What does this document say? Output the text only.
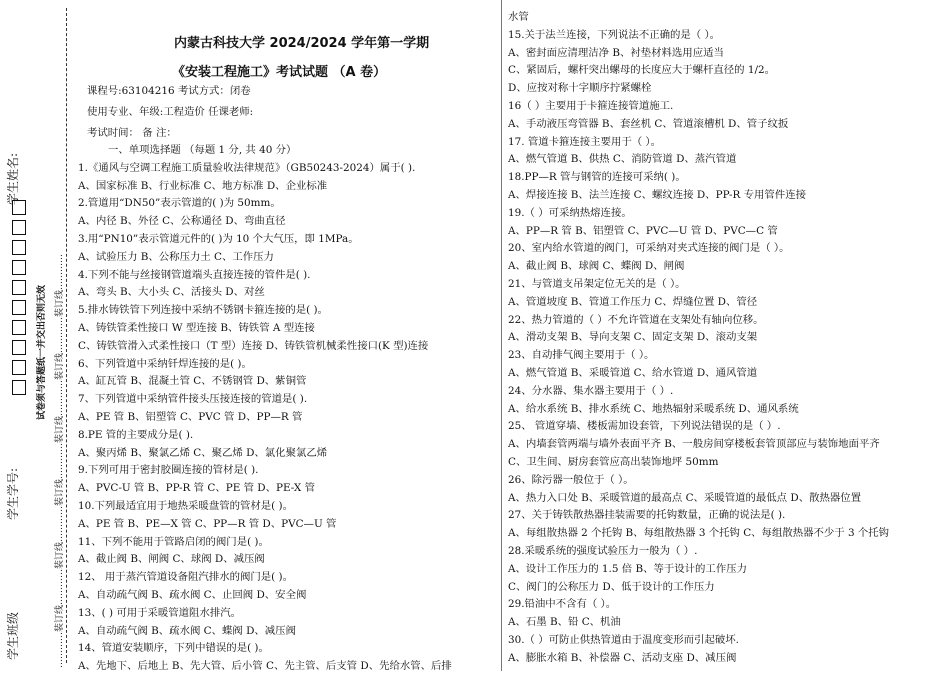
学生姓名:
学生学号:
学生班级
试卷须与答题纸一并交出否则无效 …………装订线…………装订线…………装订线…………装订线…………装订线…………装订线…………
内蒙古科技大学 2024/2024 学年第一学期
《安装工程施工》考试试题 （A 卷）
课程号:63104216 考试方式：闭卷
使用专业、年级:工程造价 任课老师:
考试时间： 备 注：
一、单项选择题 （每题 1 分, 共 40 分）
1.《通风与空调工程施工质量验收法律规范》（GB50243-2024）属于( ).
A、国家标准 B、行业标准 C、地方标准 D、企业标准
2.管道用“DN50”表示管道的( )为 50mm。
A、内径 B、外径 C、公称通径 D、弯曲直径
3.用“PN10”表示管道元件的( )为 10 个大气压，即 1MPa。
A、试验压力 B、公称压力土 C、工作压力
4.下列不能与丝接钢管道端头直接连接的管件是( ).
A、弯头 B、大小头 C、活接头 D、对丝
5.排水铸铁管下列连接中采纳不锈钢卡箍连接的是( )。
A、铸铁管柔性接口 W 型连接 B、铸铁管 A 型连接
C、铸铁管滑入式柔性接口（T 型）连接 D、铸铁管机械柔性接口(K 型)连接
6、下列管道中采纳钎焊连接的是( )。
A、缸瓦管 B、混凝土管 C、不锈钢管 D、紫铜管
7、下列管道中采纳管件接头压接连接的管道是( ).
A、PE 管 B、铝塑管 C、PVC 管 D、PP—R 管
8.PE 管的主要成分是( ).
A、聚丙烯 B、聚氯乙烯 C、聚乙烯 D、氯化聚氯乙烯
9.下列可用于密封胶圈连接的管材是( ).
A、PVC-U 管 B、PP-R 管 C、PE 管 D、PE-X 管
10.下列最适宜用于地热采暖盘管的管材是( )。
A、PE 管 B、PE—X 管 C、PP—R 管 D、PVC—U 管
11、下列不能用于管路启闭的阀门是( )。
A、截止阀 B、闸阀 C、球阀 D、减压阀
12、 用于蒸汽管道设备阻汽排水的阀门是( )。
A、自动疏气阀 B、疏水阀 C、止回阀 D、安全阀
13、( ) 可用于采暖管道阻水排汽。
A、自动疏气阀 B、疏水阀 C、蝶阀 D、减压阀
14、管道安装顺序，下列中错误的是( )。
A、先地下、后地上 B、先大管、后小管 C、先主管、后支管 D、先给水管、后排
水管
15.关于法兰连接，下列说法不正确的是（ ）。
A、密封面应清理洁净 B、衬垫材料选用应适当
C、紧固后，螺杆突出螺母的长度应大于螺杆直径的 1/2。
D、应按对称十字顺序拧紧螺栓
16（ ）主要用于卡箍连接管道施工.
A、手动液压弯管器 B、套丝机 C、管道滚槽机 D、管子纹扳
17. 管道卡箍连接主要用于（ ）。
A、燃气管道 B、供热 C、消防管道 D、蒸汽管道
18.PP—R 管与钢管的连接可采纳( )。
A、焊接连接 B、法兰连接 C、螺纹连接 D、PP-R 专用管件连接
19.（ ）可采纳热熔连接。
A、PP—R 管 B、铝塑管 C、PVC—U 管 D、PVC—C 管
20、室内给水管道的阀门，可采纳对夹式连接的阀门是（ ）。
A、截止阀 B、球阀 C、蝶阀 D、闸阀
21、与管道支吊架定位无关的是（ ）。
A、管道坡度 B、管道工作压力 C、焊缝位置 D、管径
22、热力管道的（ ）不允许管道在支架处有轴向位移。
A、滑动支架 B、导向支架 C、固定支架 D、滚动支架
23、自动排气阀主要用于（ ）。
A、燃气管道 B、采暖管道 C、给水管道 D、通风管道
24、分水器、集水器主要用于（ ）.
A、给水系统 B、排水系统 C、地热辐射采暖系统 D、通风系统
25、 管道穿墙、楼板需加设套管，下列说法错误的是（ ）.
A、内墙套管两端与墙外表面平齐 B、一般房间穿楼板套管顶部应与装饰地面平齐
C、卫生间、厨房套管应高出装饰地坪 50mm
26、除污器一般位于（ ）。
A、热力入口处 B、采暖管道的最高点 C、采暖管道的最低点 D、散热器位置
27、关于铸铁散热器挂装需要的托钩数量，正确的说法是( ).
A、每组散热器 2 个托钩 B、每组散热器 3 个托钩 C、每组散热器不少于 3 个托钩
28.采暖系统的强度试验压力一般为（ ）.
A、设计工作压力的 1.5 倍 B、等于设计的工作压力
C、阀门的公称压力 D、低于设计的工作压力
29.铅油中不含有（ ）。
A、石墨 B、铅 C、机油
30.（ ）可防止供热管道由于温度变形而引起破坏.
A、膨胀水箱 B、补偿器 C、活动支座 D、减压阀
